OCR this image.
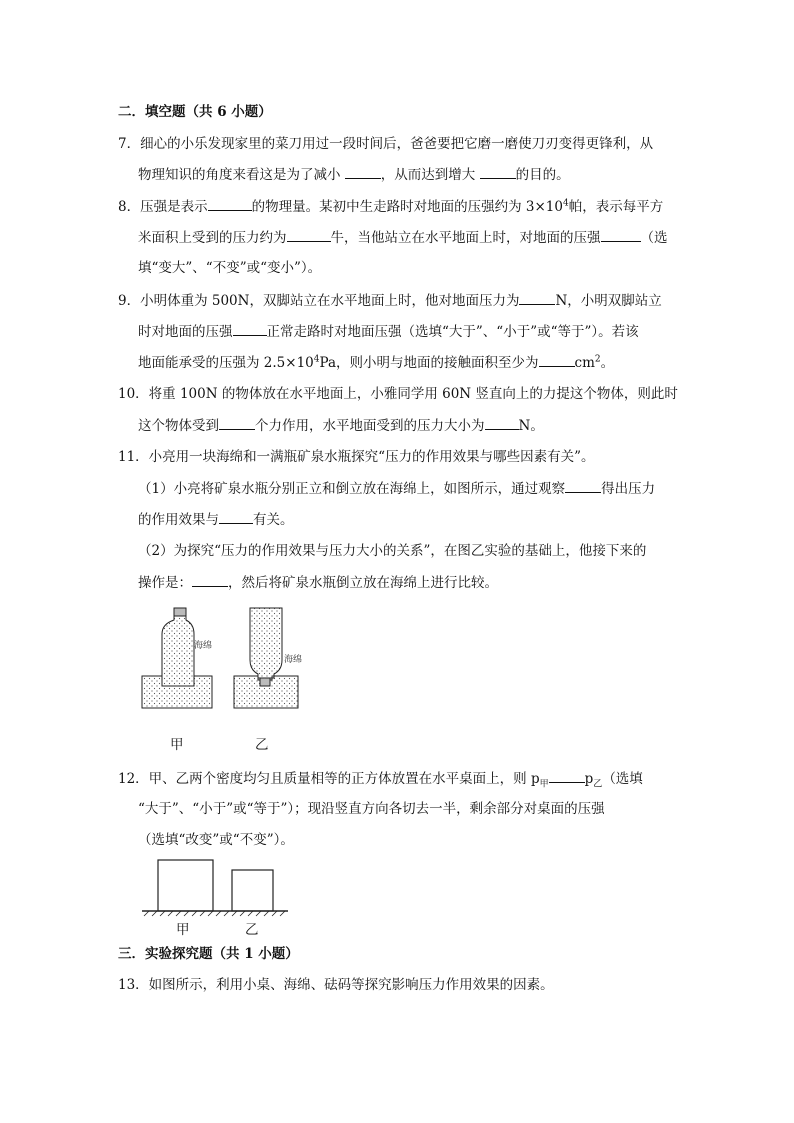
二．填空题（共 6 小题）
7．细心的小乐发现家里的菜刀用过一段时间后，爸爸要把它磨一磨使刀刃变得更锋利，从
物理知识的角度来看这是为了减小	，从而达到增大	的目的。
8．压强是表示	的物理量。某初中生走路时对地面的压强约为 $3\times 10^4$帕，表示每平方
米面积上受到的压力约为	牛，当他站立在水平地面上时，对地面的压强	（选
填“变大”、“不变”或“变小”）。
9．小明体重为 500N，双脚站立在水平地面上时，他对地面压力为	N，小明双脚站立
时对地面的压强	正常走路时对地面压强（选填“大于”、“小于”或“等于”）。若该
地面能承受的压强为 $2.5\times 10^4Pa$，则小明与地面的接触面积至少为	$cm^2$。
10．将重 100N 的物体放在水平地面上，小雅同学用 60N 竖直向上的力提这个物体，则此时
这个物体受到	个力作用，水平地面受到的压力大小为	N。
11．小亮用一块海绵和一满瓶矿泉水瓶探究“压力的作用效果与哪些因素有关”。
（1）小亮将矿泉水瓶分别正立和倒立放在海绵上，如图所示，通过观察	得出压力
的作用效果与	有关。
（2）为探究“压力的作用效果与压力大小的关系”，在图乙实验的基础上，他接下来的
操作是：	，然后将矿泉水瓶倒立放在海绵上进行比较。
海绵
海绵
甲	乙
12．甲、乙两个密度均匀且质量相等的正方体放置在水平桌面上，则 $p_甲$	$p_乙$（选填
“大于”、“小于”或“等于”）；现沿竖直方向各切去一半，剩余部分对桌面的压强
（选填“改变”或“不变”）。
甲	乙
三．实验探究题（共 1 小题）
13．如图所示，利用小桌、海绵、砝码等探究影响压力作用效果的因素。
